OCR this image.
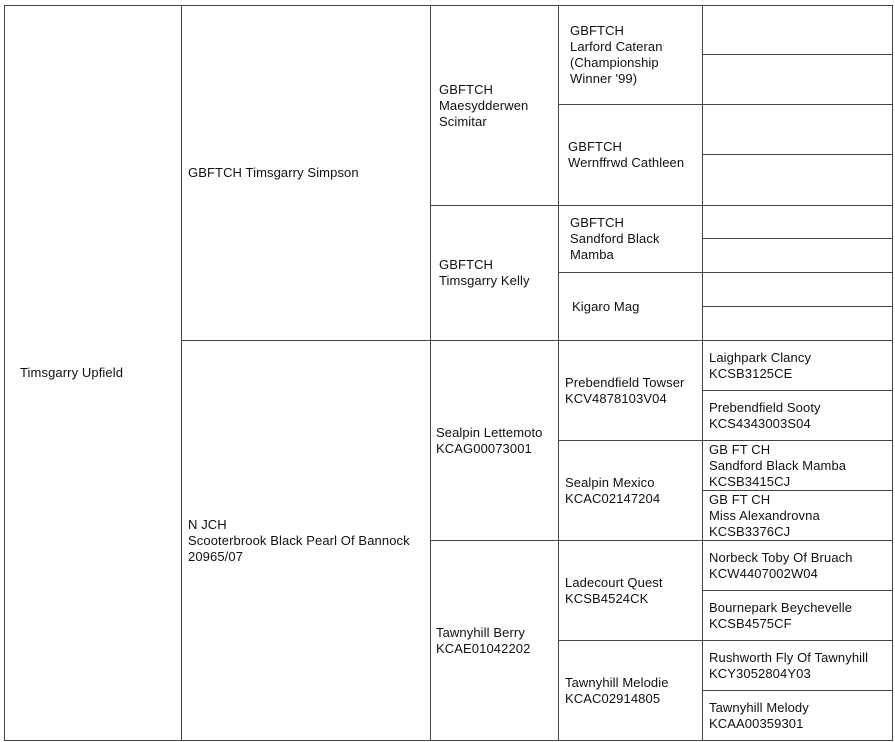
Timsgarry Upfield
GBFTCH Timsgarry Simpson
N JCH
Scooterbrook Black Pearl Of Bannock
20965/07
GBFTCH
Maesydderwen
Scimitar
GBFTCH
Timsgarry Kelly
Sealpin Lettemoto
KCAG00073001
Tawnyhill Berry
KCAE01042202
GBFTCH
Larford Cateran
(Championship
Winner '99)
GBFTCH
Wernffrwd Cathleen
GBFTCH
Sandford Black
Mamba
Kigaro Mag
Prebendfield Towser
KCV4878103V04
Sealpin Mexico
KCAC02147204
Ladecourt Quest
KCSB4524CK
Tawnyhill Melodie
KCAC02914805
Laighpark Clancy
KCSB3125CE
Prebendfield Sooty
KCS4343003S04
GB FT CH
Sandford Black Mamba
KCSB3415CJ
GB FT CH
Miss Alexandrovna
KCSB3376CJ
Norbeck Toby Of Bruach
KCW4407002W04
Bournepark Beychevelle
KCSB4575CF
Rushworth Fly Of Tawnyhill
KCY3052804Y03
Tawnyhill Melody
KCAA00359301
